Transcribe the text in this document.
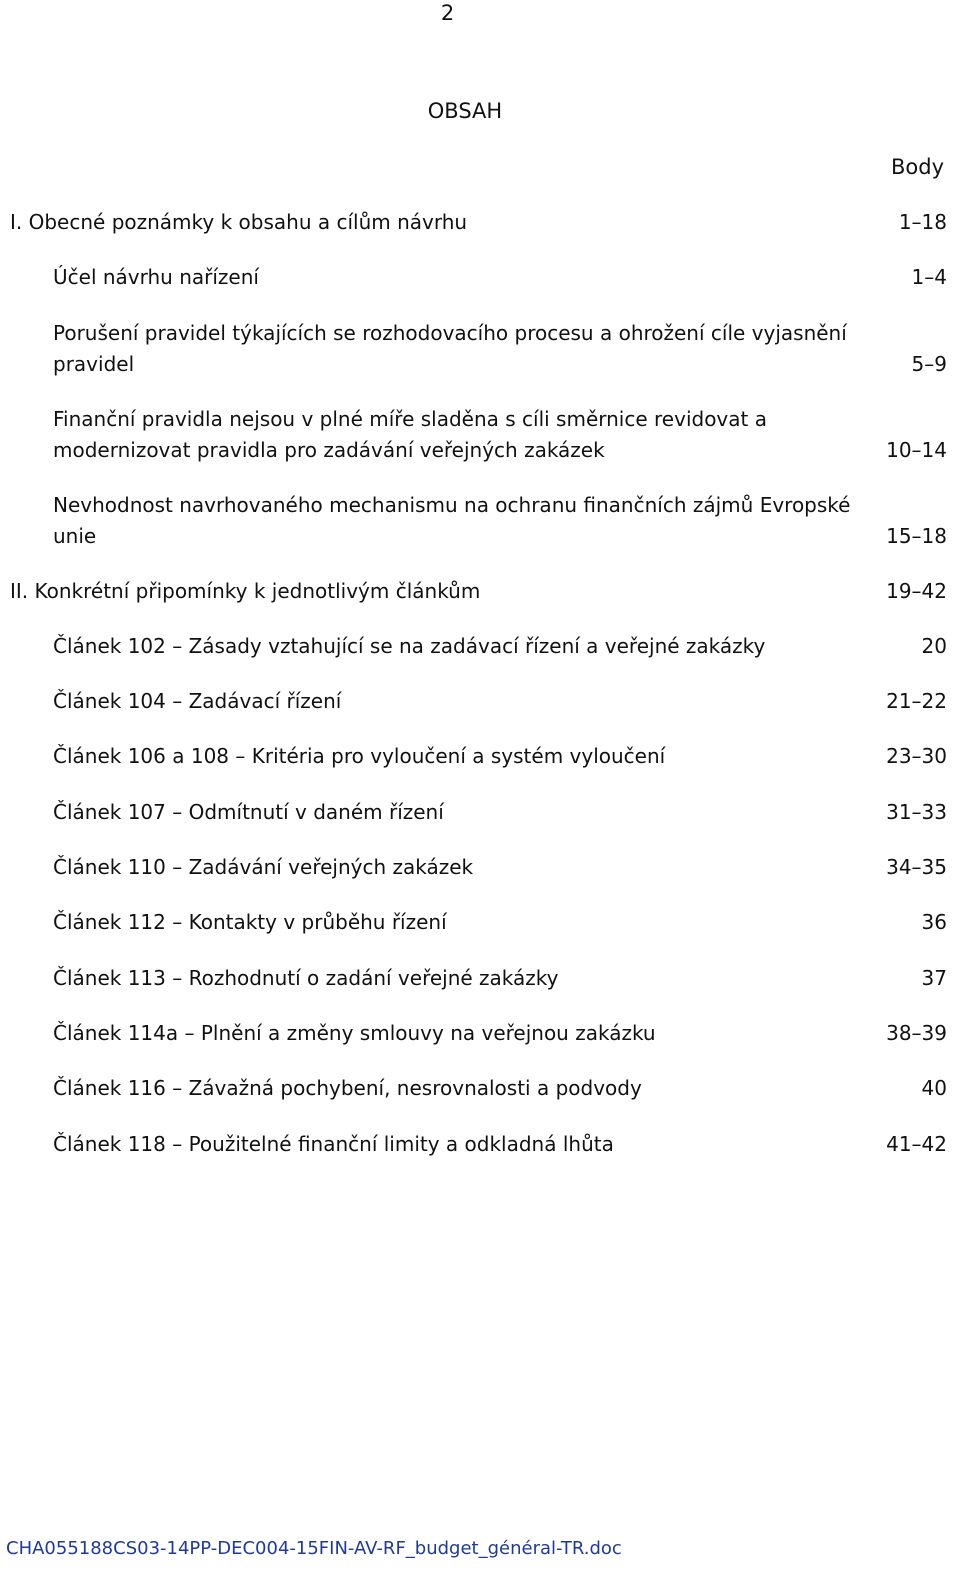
2
OBSAH
Body
I. Obecné poznámky k obsahu a cílům návrhu	1–18
Účel návrhu nařízení	1–4
Porušení pravidel týkajících se rozhodovacího procesu a ohrožení cíle vyjasnění pravidel	5–9
Finanční pravidla nejsou v plné míře sladěna s cíli směrnice revidovat a modernizovat pravidla pro zadávání veřejných zakázek	10–14
Nevhodnost navrhovaného mechanismu na ochranu finančních zájmů Evropské unie	15–18
II. Konkrétní připomínky k jednotlivým článkům	19–42
Článek 102 – Zásady vztahující se na zadávací řízení a veřejné zakázky	20
Článek 104 – Zadávací řízení	21–22
Článek 106 a 108 – Kritéria pro vyloučení a systém vyloučení	23–30
Článek 107 – Odmítnutí v daném řízení	31–33
Článek 110 – Zadávání veřejných zakázek	34–35
Článek 112 – Kontakty v průběhu řízení	36
Článek 113 – Rozhodnutí o zadání veřejné zakázky	37
Článek 114a – Plnění a změny smlouvy na veřejnou zakázku	38–39
Článek 116 – Závažná pochybení, nesrovnalosti a podvody	40
Článek 118 – Použitelné finanční limity a odkladná lhůta	41–42
CHA055188CS03-14PP-DEC004-15FIN-AV-RF_budget_général-TR.doc
